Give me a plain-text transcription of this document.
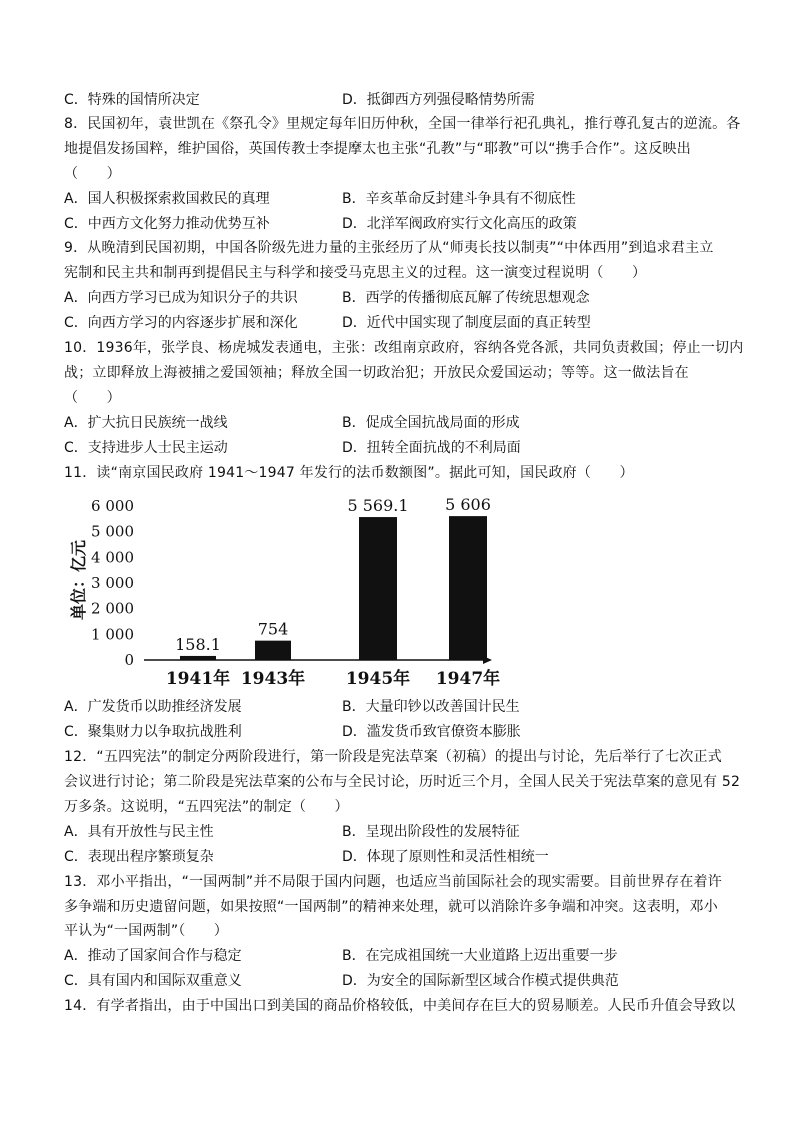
C．特殊的国情所决定	D．抵御西方列强侵略情势所需
8．民国初年，袁世凯在《祭孔令》里规定每年旧历仲秋，全国一律举行祀孔典礼，推行尊孔复古的逆流。各
地提倡发扬国粹，维护国俗，英国传教士李提摩太也主张“孔教”与“耶教”可以“携手合作”。这反映出
（　　）
A．国人积极探索救国救民的真理	B．辛亥革命反封建斗争具有不彻底性
C．中西方文化努力推动优势互补	D．北洋军阀政府实行文化高压的政策
9．从晚清到民国初期，中国各阶级先进力量的主张经历了从“师夷长技以制夷”“中体西用”到追求君主立
宪制和民主共和制再到提倡民主与科学和接受马克思主义的过程。这一演变过程说明（　　）
A．向西方学习已成为知识分子的共识	B．西学的传播彻底瓦解了传统思想观念
C．向西方学习的内容逐步扩展和深化	D．近代中国实现了制度层面的真正转型
10．1936年，张学良、杨虎城发表通电，主张：改组南京政府，容纳各党各派，共同负责救国；停止一切内
战；立即释放上海被捕之爱国领袖；释放全国一切政治犯；开放民众爱国运动；等等。这一做法旨在
（　　）
A．扩大抗日民族统一战线	B．促成全国抗战局面的形成
C．支持进步人士民主运动	D．扭转全面抗战的不利局面
11．读“南京国民政府 1941～1947 年发行的法币数额图”。据此可知，国民政府（　　）
单位：亿元
0
1 000
2 000
3 000
4 000
5 000
6 000
158.1
754
5 569.1 5 606
1941年 1943年 1945年 1947年
A．广发货币以助推经济发展	B．大量印钞以改善国计民生
C．聚集财力以争取抗战胜利	D．滥发货币致官僚资本膨胀
12．“五四宪法”的制定分两阶段进行，第一阶段是宪法草案（初稿）的提出与讨论，先后举行了七次正式
会议进行讨论；第二阶段是宪法草案的公布与全民讨论，历时近三个月，全国人民关于宪法草案的意见有 52
万多条。这说明，“五四宪法”的制定（　　）
A．具有开放性与民主性	B．呈现出阶段性的发展特征
C．表现出程序繁琐复杂	D．体现了原则性和灵活性相统一
13．邓小平指出，“一国两制”并不局限于国内问题，也适应当前国际社会的现实需要。目前世界存在着许
多争端和历史遗留问题，如果按照“一国两制”的精神来处理，就可以消除许多争端和冲突。这表明，邓小
平认为“一国两制”（　　）
A．推动了国家间合作与稳定	B．在完成祖国统一大业道路上迈出重要一步
C．具有国内和国际双重意义	D．为安全的国际新型区域合作模式提供典范
14．有学者指出，由于中国出口到美国的商品价格较低，中美间存在巨大的贸易顺差。人民币升值会导致以
